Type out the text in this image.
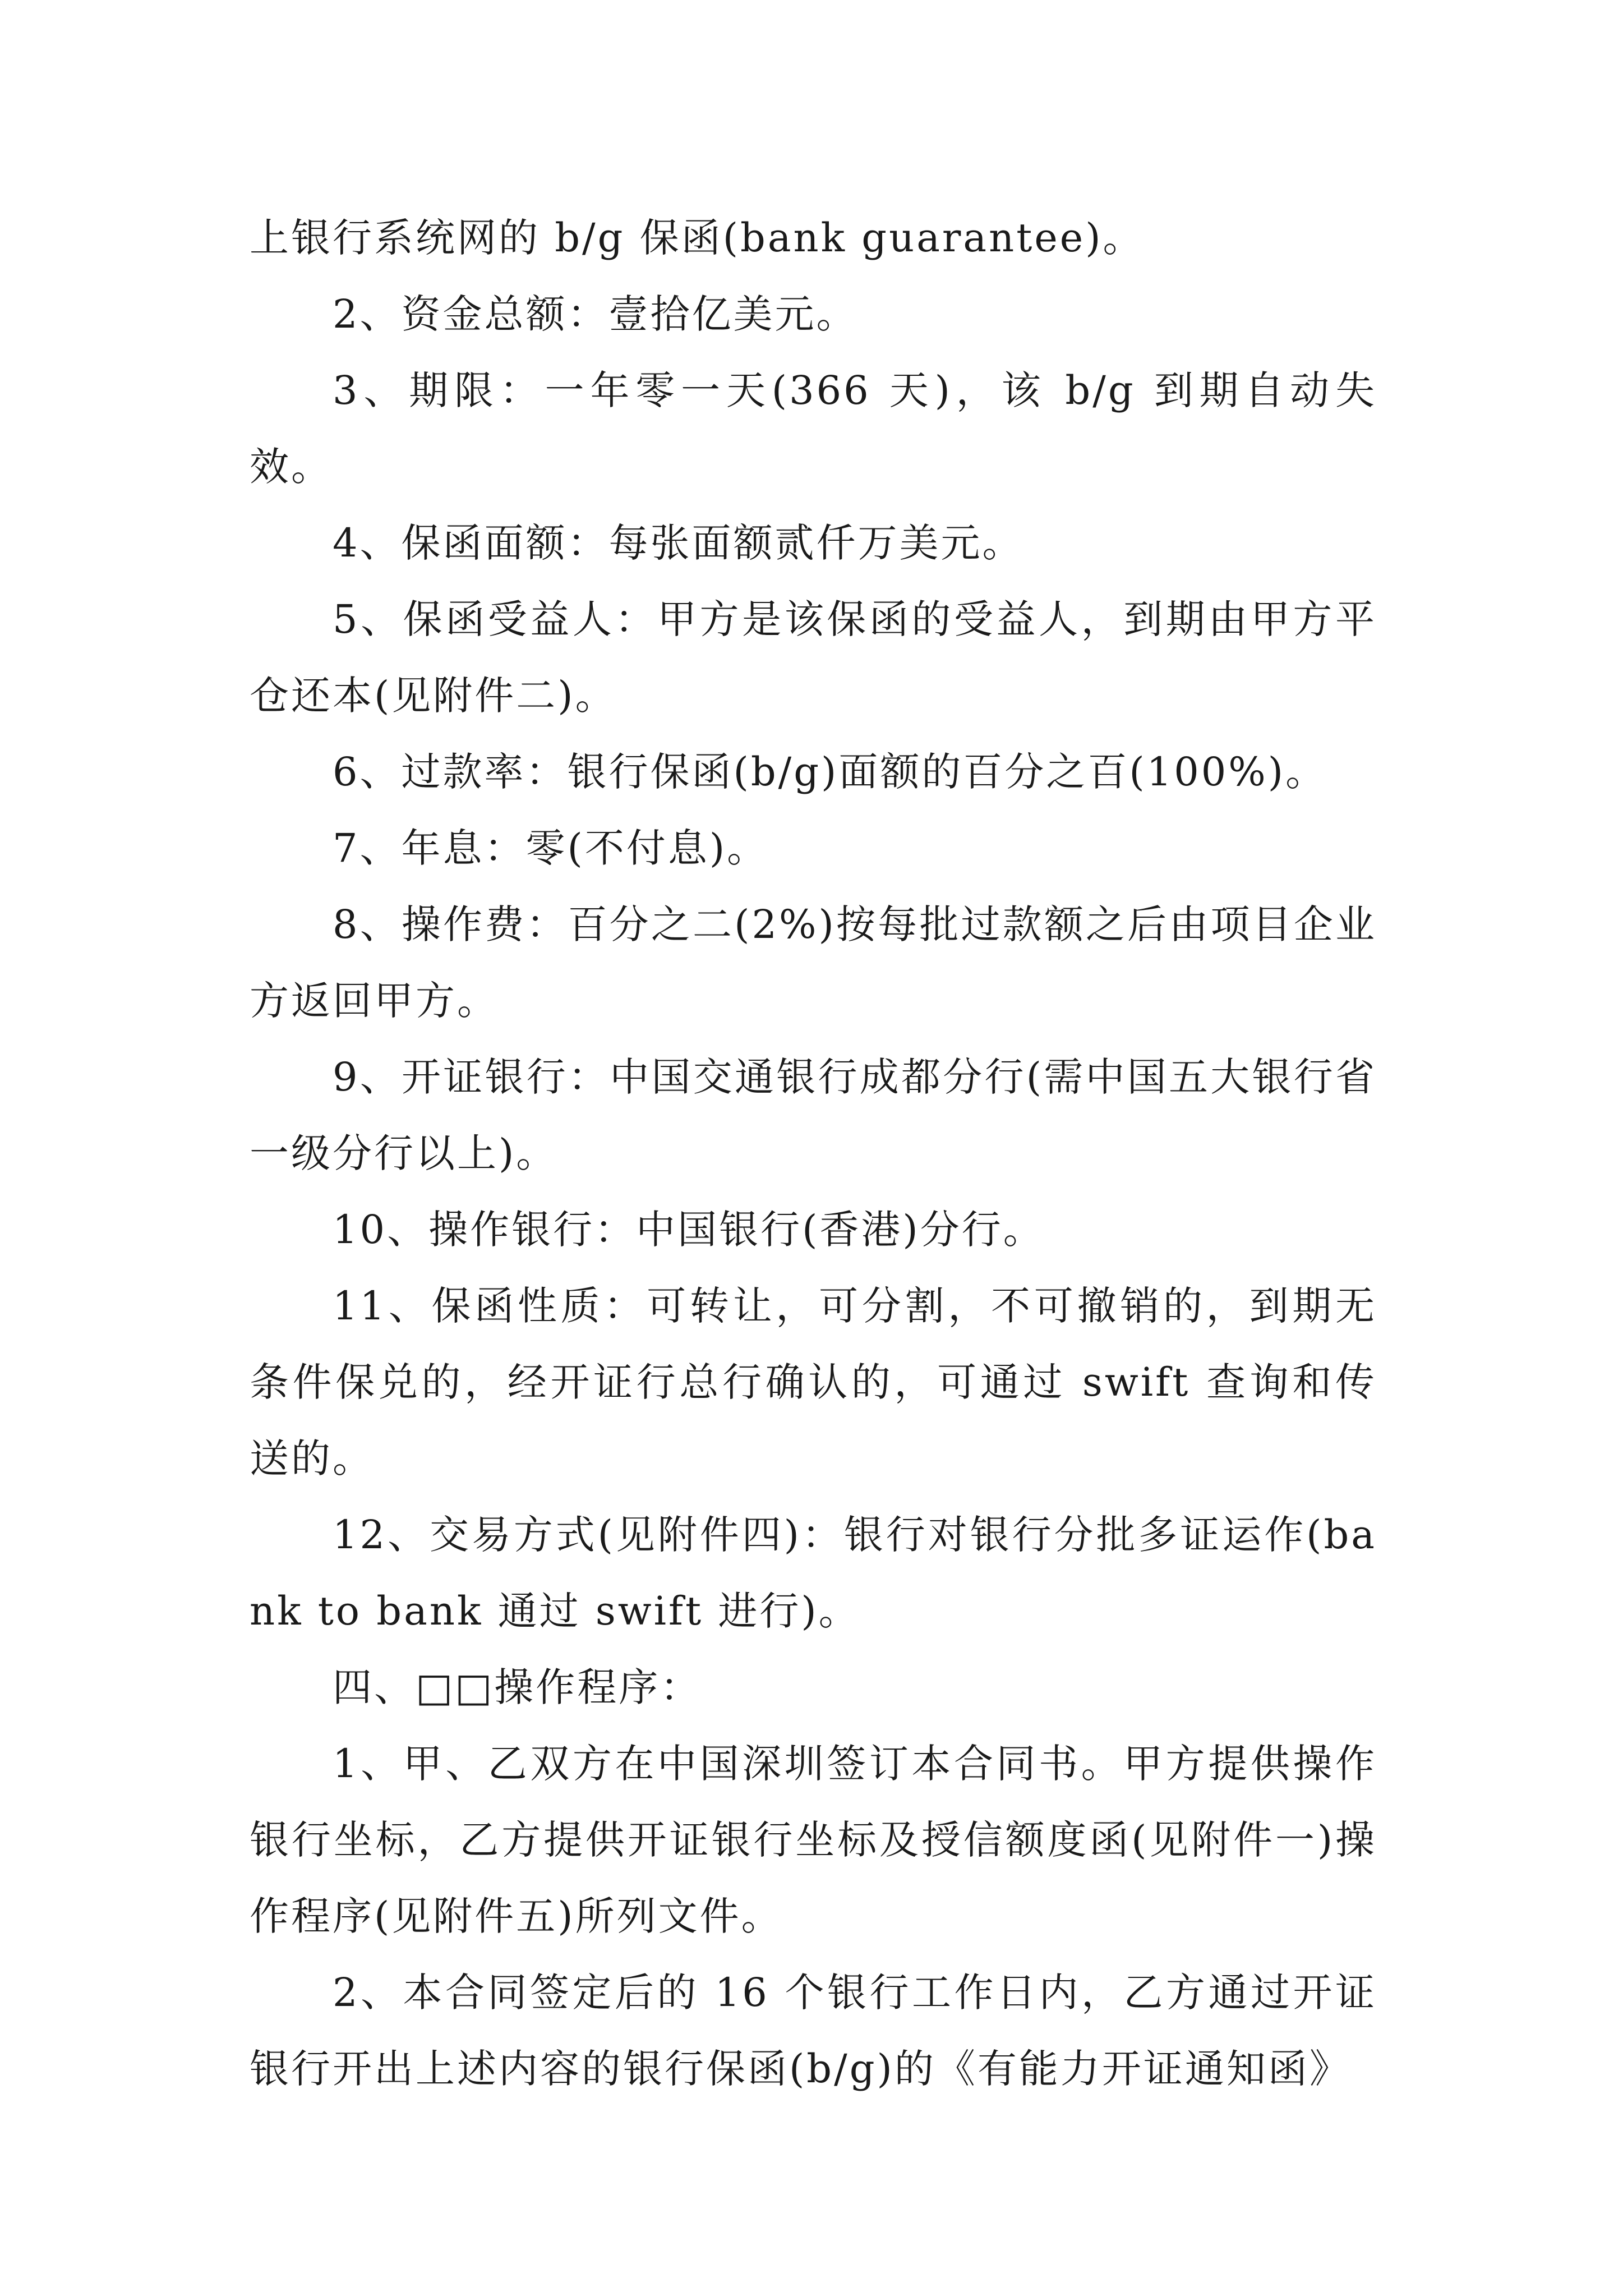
上银行系统网的 b/g 保函(bank guarantee)。

2、资金总额：壹拾亿美元。

3、期限：一年零一天(366 天)，该 b/g 到期自动失效。

4、保函面额：每张面额贰仟万美元。

5、保函受益人：甲方是该保函的受益人，到期由甲方平仓还本(见附件二)。

6、过款率：银行保函(b/g)面额的百分之百(100%)。

7、年息：零(不付息)。

8、操作费：百分之二(2%)按每批过款额之后由项目企业方返回甲方。

9、开证银行：中国交通银行成都分行(需中国五大银行省一级分行以上)。

10、操作银行：中国银行(香港)分行。

11、保函性质：可转让，可分割，不可撤销的，到期无条件保兑的，经开证行总行确认的，可通过 swift 查询和传送的。

12、交易方式(见附件四)：银行对银行分批多证运作(bank to bank 通过 swift 进行)。

四、□□操作程序：

1、甲、乙双方在中国深圳签订本合同书。甲方提供操作银行坐标，乙方提供开证银行坐标及授信额度函(见附件一)操作程序(见附件五)所列文件。

2、本合同签定后的 16 个银行工作日内，乙方通过开证银行开出上述内容的银行保函(b/g)的《有能力开证通知函》
